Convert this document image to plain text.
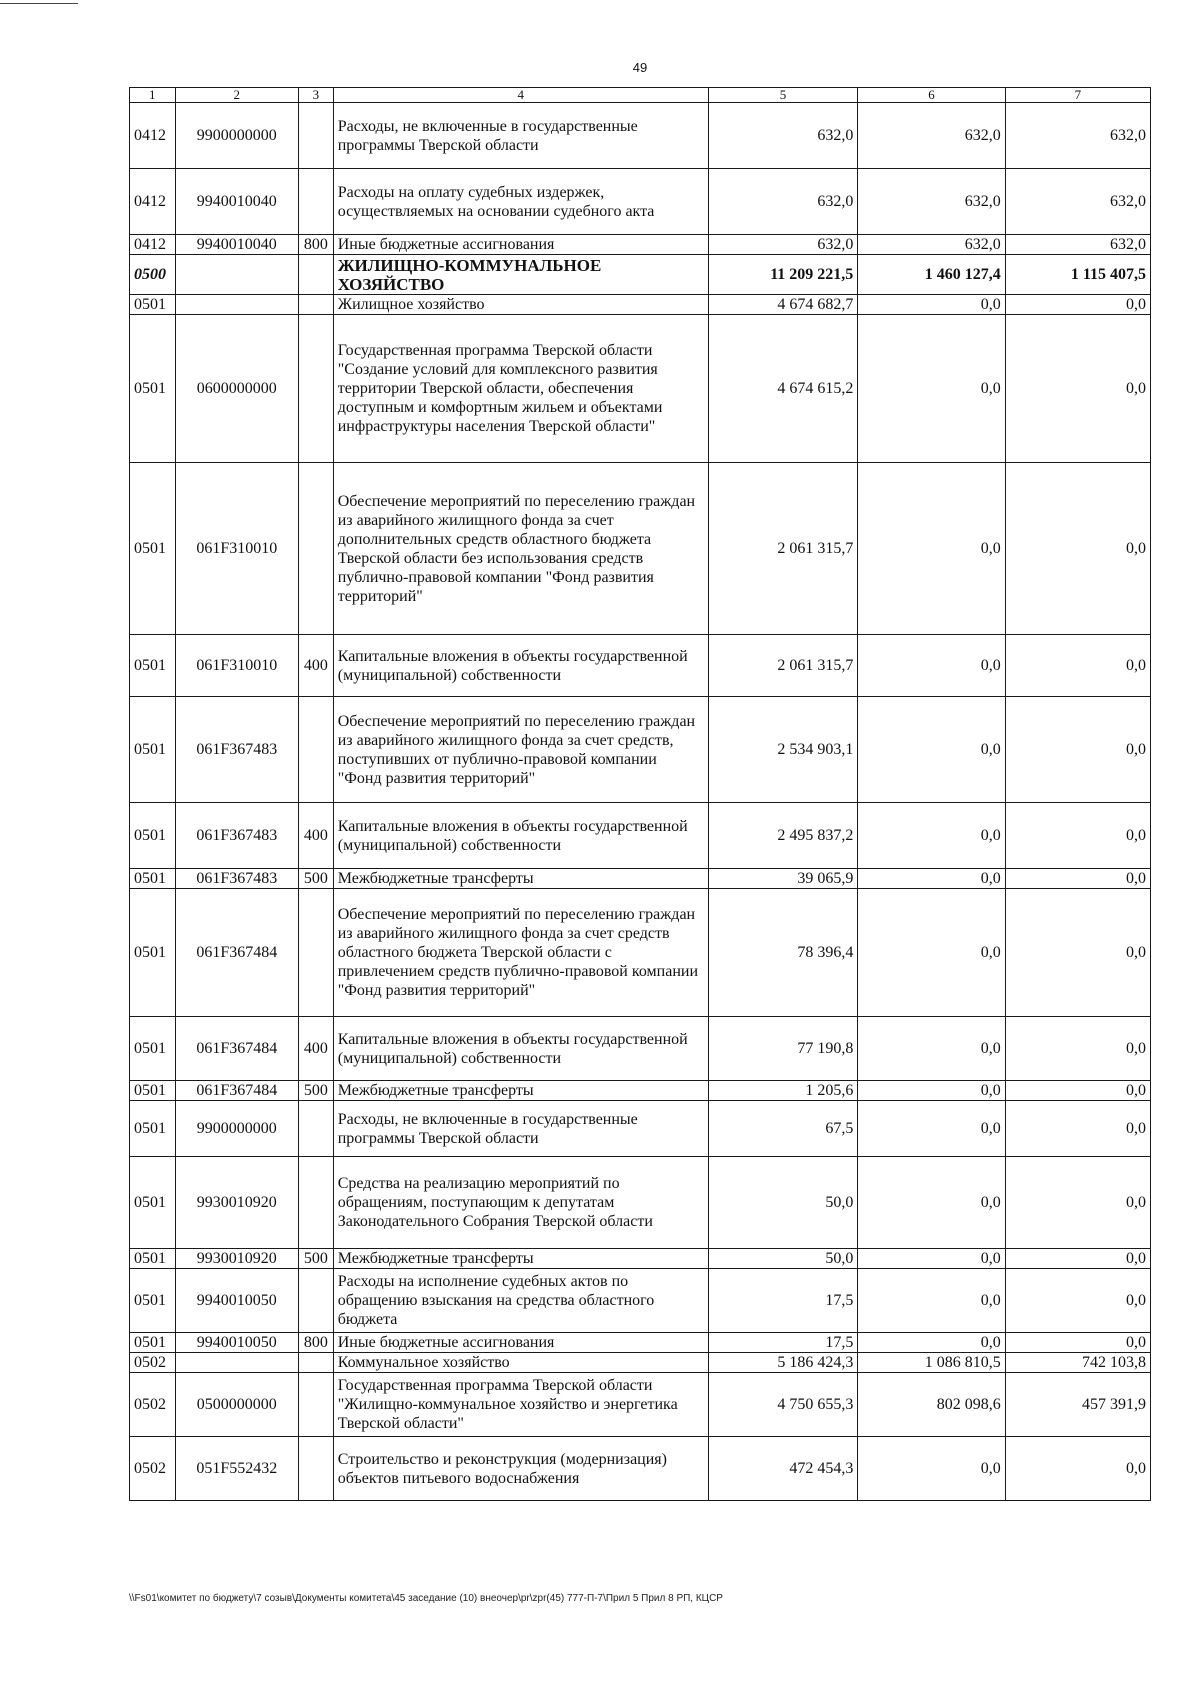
49
1	2	3	4	5	6	7
0412	9900000000		Расходы, не включенные в государственные программы Тверской области	632,0	632,0	632,0
0412	9940010040		Расходы на оплату судебных издержек, осуществляемых на основании судебного акта	632,0	632,0	632,0
0412	9940010040	800	Иные бюджетные ассигнования	632,0	632,0	632,0
0500			ЖИЛИЩНО-КОММУНАЛЬНОЕ ХОЗЯЙСТВО	11 209 221,5	1 460 127,4	1 115 407,5
0501			Жилищное хозяйство	4 674 682,7	0,0	0,0
0501	0600000000		Государственная программа Тверской области "Создание условий для комплексного развития территории Тверской области, обеспечения доступным и комфортным жильем и объектами инфраструктуры населения Тверской области"	4 674 615,2	0,0	0,0
0501	061F310010		Обеспечение мероприятий по переселению граждан из аварийного жилищного фонда за счет дополнительных средств областного бюджета Тверской области без использования средств публично-правовой компании "Фонд развития территорий"	2 061 315,7	0,0	0,0
0501	061F310010	400	Капитальные вложения в объекты государственной (муниципальной) собственности	2 061 315,7	0,0	0,0
0501	061F367483		Обеспечение мероприятий по переселению граждан из аварийного жилищного фонда за счет средств, поступивших от публично-правовой компании "Фонд развития территорий"	2 534 903,1	0,0	0,0
0501	061F367483	400	Капитальные вложения в объекты государственной (муниципальной) собственности	2 495 837,2	0,0	0,0
0501	061F367483	500	Межбюджетные трансферты	39 065,9	0,0	0,0
0501	061F367484		Обеспечение мероприятий по переселению граждан из аварийного жилищного фонда за счет средств областного бюджета Тверской области с привлечением средств публично-правовой компании "Фонд развития территорий"	78 396,4	0,0	0,0
0501	061F367484	400	Капитальные вложения в объекты государственной (муниципальной) собственности	77 190,8	0,0	0,0
0501	061F367484	500	Межбюджетные трансферты	1 205,6	0,0	0,0
0501	9900000000		Расходы, не включенные в государственные программы Тверской области	67,5	0,0	0,0
0501	9930010920		Средства на реализацию мероприятий по обращениям, поступающим к депутатам Законодательного Собрания Тверской области	50,0	0,0	0,0
0501	9930010920	500	Межбюджетные трансферты	50,0	0,0	0,0
0501	9940010050		Расходы на исполнение судебных актов по обращению взыскания на средства областного бюджета	17,5	0,0	0,0
0501	9940010050	800	Иные бюджетные ассигнования	17,5	0,0	0,0
0502			Коммунальное хозяйство	5 186 424,3	1 086 810,5	742 103,8
0502	0500000000		Государственная программа Тверской области "Жилищно-коммунальное хозяйство и энергетика Тверской области"	4 750 655,3	802 098,6	457 391,9
0502	051F552432		Строительство и реконструкция (модернизация) объектов питьевого водоснабжения	472 454,3	0,0	0,0
\\Fs01\комитет по бюджету\7 созыв\Документы комитета\45 заседание (10) внеочер\pr\zpr(45) 777-П-7\Прил 5 Прил 8 РП, КЦСР
